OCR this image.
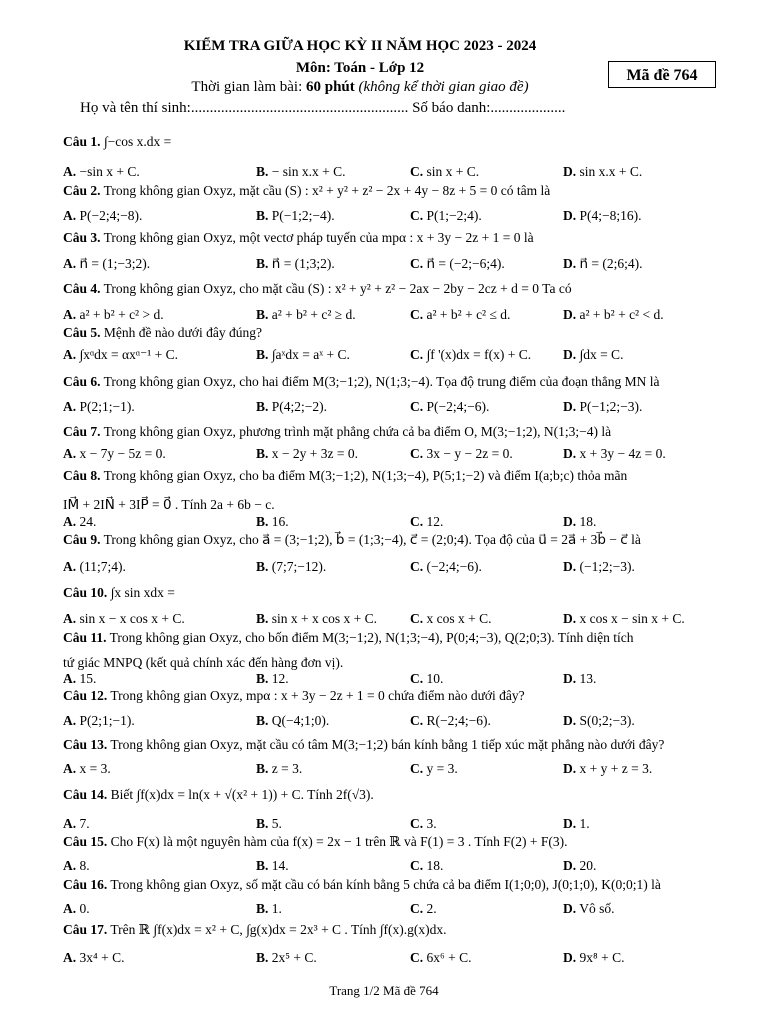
KIỂM TRA GIỮA HỌC KỲ II NĂM HỌC 2023 - 2024
Môn: Toán - Lớp 12
Thời gian làm bài: 60 phút (không kể thời gian giao đề)
Mã đề 764
Họ và tên thí sinh:.......................................................... Số báo danh:....................
Câu 1. ∫−cos x.dx =
A. −sin x + C.	B. − sin x.x + C.	C. sin x + C.	D. sin x.x + C.
Câu 2. Trong không gian Oxyz, mặt cầu (S) : x² + y² + z² − 2x + 4y − 8z + 5 = 0 có tâm là
A. P(−2;4;−8).	B. P(−1;2;−4).	C. P(1;−2;4).	D. P(4;−8;16).
Câu 3. Trong không gian Oxyz, một vectơ pháp tuyến của mpα : x + 3y − 2z + 1 = 0 là
A. n⃗ = (1;−3;2).	B. n⃗ = (1;3;2).	C. n⃗ = (−2;−6;4).	D. n⃗ = (2;6;4).
Câu 4. Trong không gian Oxyz, cho mặt cầu (S) : x² + y² + z² − 2ax − 2by − 2cz + d = 0 Ta có
A. a² + b² + c² > d.	B. a² + b² + c² ≥ d.	C. a² + b² + c² ≤ d.	D. a² + b² + c² < d.
Câu 5. Mệnh đề nào dưới đây đúng?
A. ∫xᵅdx = αxᵅ⁻¹ + C.	B. ∫aˣdx = aˣ + C.	C. ∫f '(x)dx = f(x) + C. D. ∫dx = C.
Câu 6. Trong không gian Oxyz, cho hai điểm M(3;−1;2), N(1;3;−4). Tọa độ trung điểm của đoạn thẳng MN là
A. P(2;1;−1).	B. P(4;2;−2).	C. P(−2;4;−6).	D. P(−1;2;−3).
Câu 7. Trong không gian Oxyz, phương trình mặt phẳng chứa cả ba điểm O, M(3;−1;2), N(1;3;−4) là
A. x − 7y − 5z = 0.	B. x − 2y + 3z = 0.	C. 3x − y − 2z = 0.	D. x + 3y − 4z = 0.
Câu 8. Trong không gian Oxyz, cho ba điểm M(3;−1;2), N(1;3;−4), P(5;1;−2) và điểm I(a;b;c) thỏa mãn
IM⃗ + 2IN⃗ + 3IP⃗ = 0⃗ . Tính 2a + 6b − c.
A. 24.	B. 16.	C. 12.	D. 18.
Câu 9. Trong không gian Oxyz, cho a⃗ = (3;−1;2), b⃗ = (1;3;−4), c⃗ = (2;0;4). Tọa độ của u⃗ = 2a⃗ + 3b⃗ − c⃗ là
A. (11;7;4).	B. (7;7;−12).	C. (−2;4;−6).	D. (−1;2;−3).
Câu 10. ∫x sin xdx =
A. sin x − x cos x + C.	B. sin x + x cos x + C. C. x cos x + C.	D. x cos x − sin x + C.
Câu 11. Trong không gian Oxyz, cho bốn điểm M(3;−1;2), N(1;3;−4), P(0;4;−3), Q(2;0;3). Tính diện tích
tứ giác MNPQ (kết quả chính xác đến hàng đơn vị).
A. 15.	B. 12.	C. 10.	D. 13.
Câu 12. Trong không gian Oxyz, mpα : x + 3y − 2z + 1 = 0 chứa điểm nào dưới đây?
A. P(2;1;−1).	B. Q(−4;1;0).	C. R(−2;4;−6).	D. S(0;2;−3).
Câu 13. Trong không gian Oxyz, mặt cầu có tâm M(3;−1;2) bán kính bằng 1 tiếp xúc mặt phẳng nào dưới đây?
A. x = 3.	B. z = 3.	C. y = 3.	D. x + y + z = 3.
Câu 14. Biết ∫f(x)dx = ln(x + √(x² + 1)) + C. Tính 2f(√3).
A. 7.	B. 5.	C. 3.	D. 1.
Câu 15. Cho F(x) là một nguyên hàm của f(x) = 2x − 1 trên ℝ và F(1) = 3 . Tính F(2) + F(3).
A. 8.	B. 14.	C. 18.	D. 20.
Câu 16. Trong không gian Oxyz, số mặt cầu có bán kính bằng 5 chứa cả ba điểm I(1;0;0), J(0;1;0), K(0;0;1) là
A. 0.	B. 1.	C. 2.	D. Vô số.
Câu 17. Trên ℝ ∫f(x)dx = x² + C, ∫g(x)dx = 2x³ + C . Tính ∫f(x).g(x)dx.
A. 3x⁴ + C.	B. 2x⁵ + C.	C. 6x⁶ + C.	D. 9x⁸ + C.
Trang 1/2 Mã đề 764
